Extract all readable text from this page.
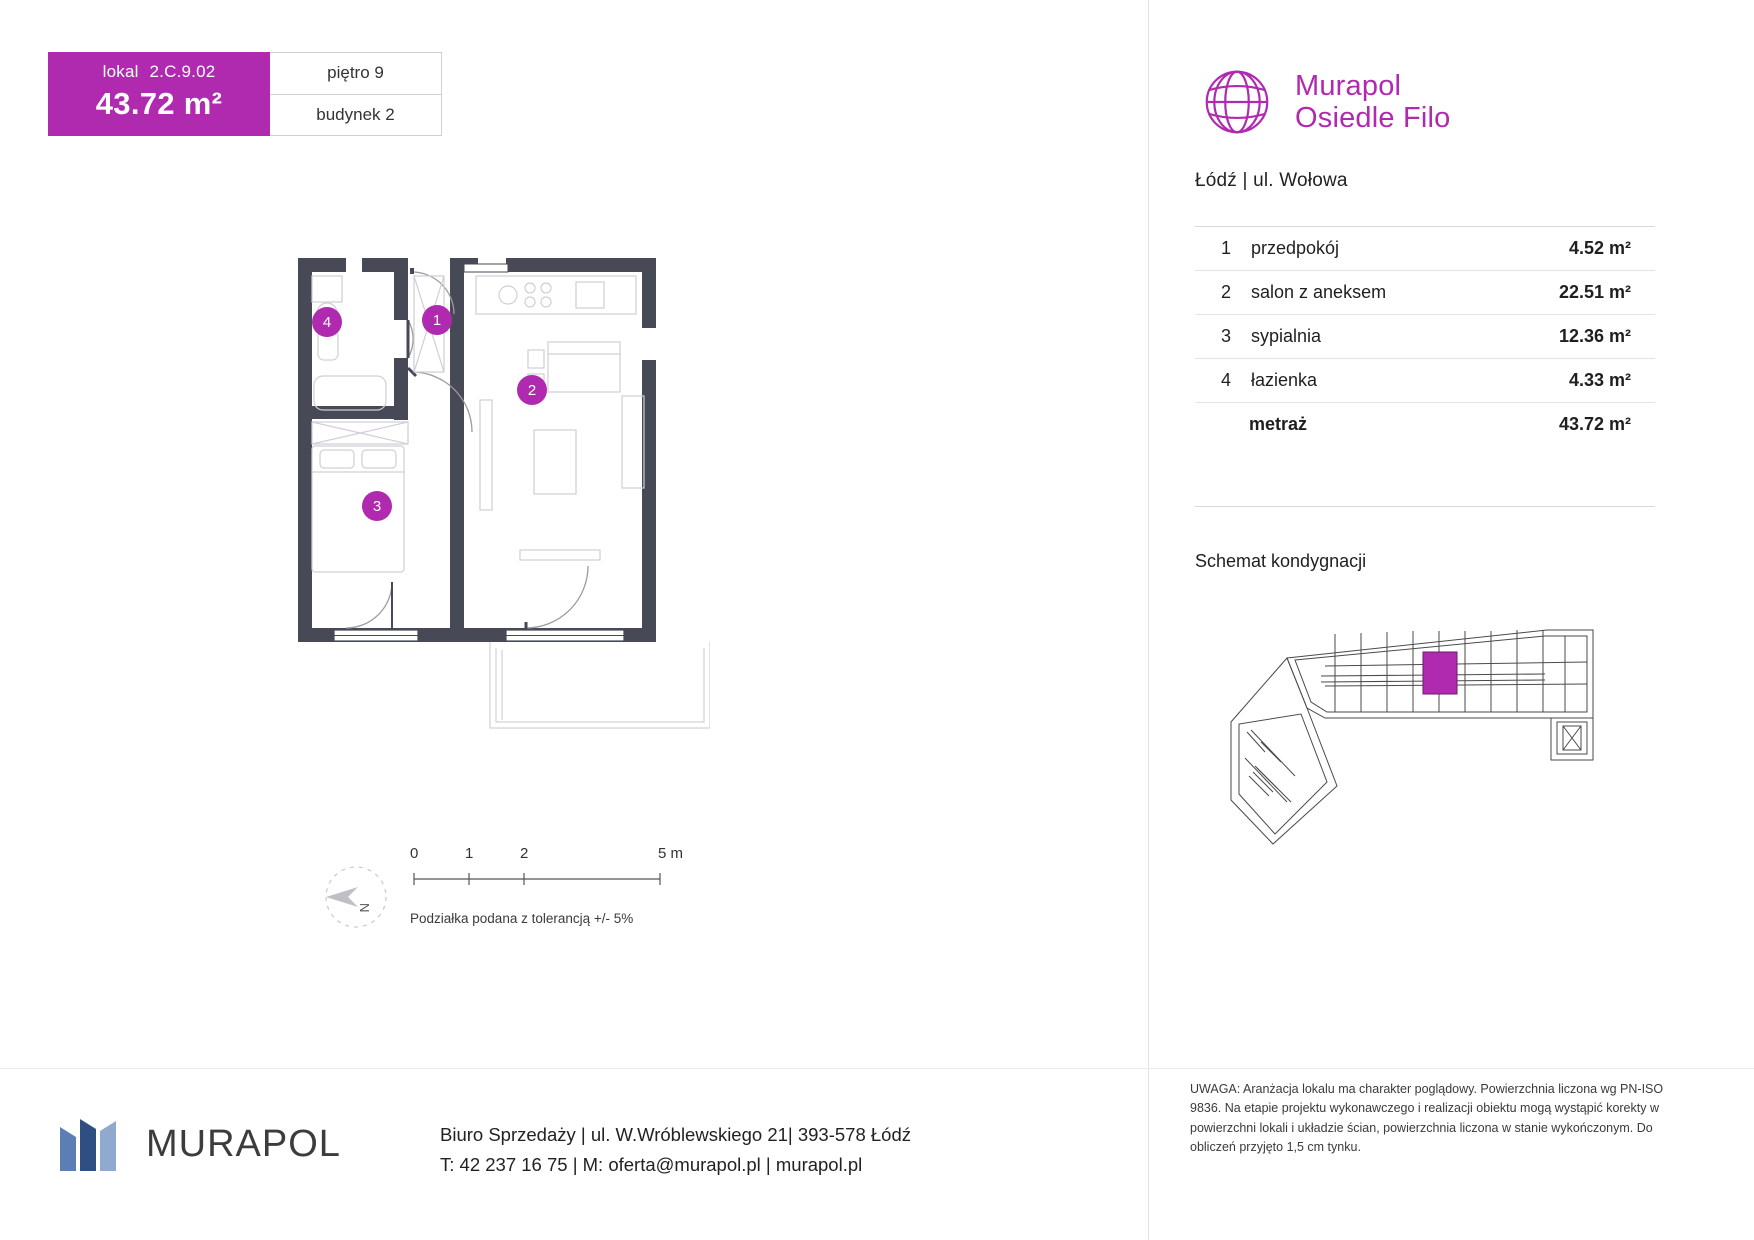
lokal 2.C.9.02
43.72 m²
piętro 9
budynek 2
1
2
3
4
N
0	1	2	5 m
Podziałka podana z tolerancją +/- 5%
Murapol
Osiedle Filo
Łódź | ul. Wołowa
1	przedpokój	4.52 m²
2	salon z aneksem	22.51 m²
3	sypialnia	12.36 m²
4	łazienka	4.33 m²
	metraż	43.72 m²
Schemat kondygnacji
UWAGA: Aranżacja lokalu ma charakter poglądowy. Powierzchnia liczona wg PN-ISO 9836. Na etapie projektu wykonawczego i realizacji obiektu mogą wystąpić korekty w powierzchni lokali i układzie ścian, powierzchnia liczona w stanie wykończonym. Do obliczeń przyjęto 1,5 cm tynku.
MURAPOL	Biuro Sprzedaży | ul. W.Wróblewskiego 21| 393-578 Łódź
T: 42 237 16 75 | M: oferta@murapol.pl | murapol.pl
